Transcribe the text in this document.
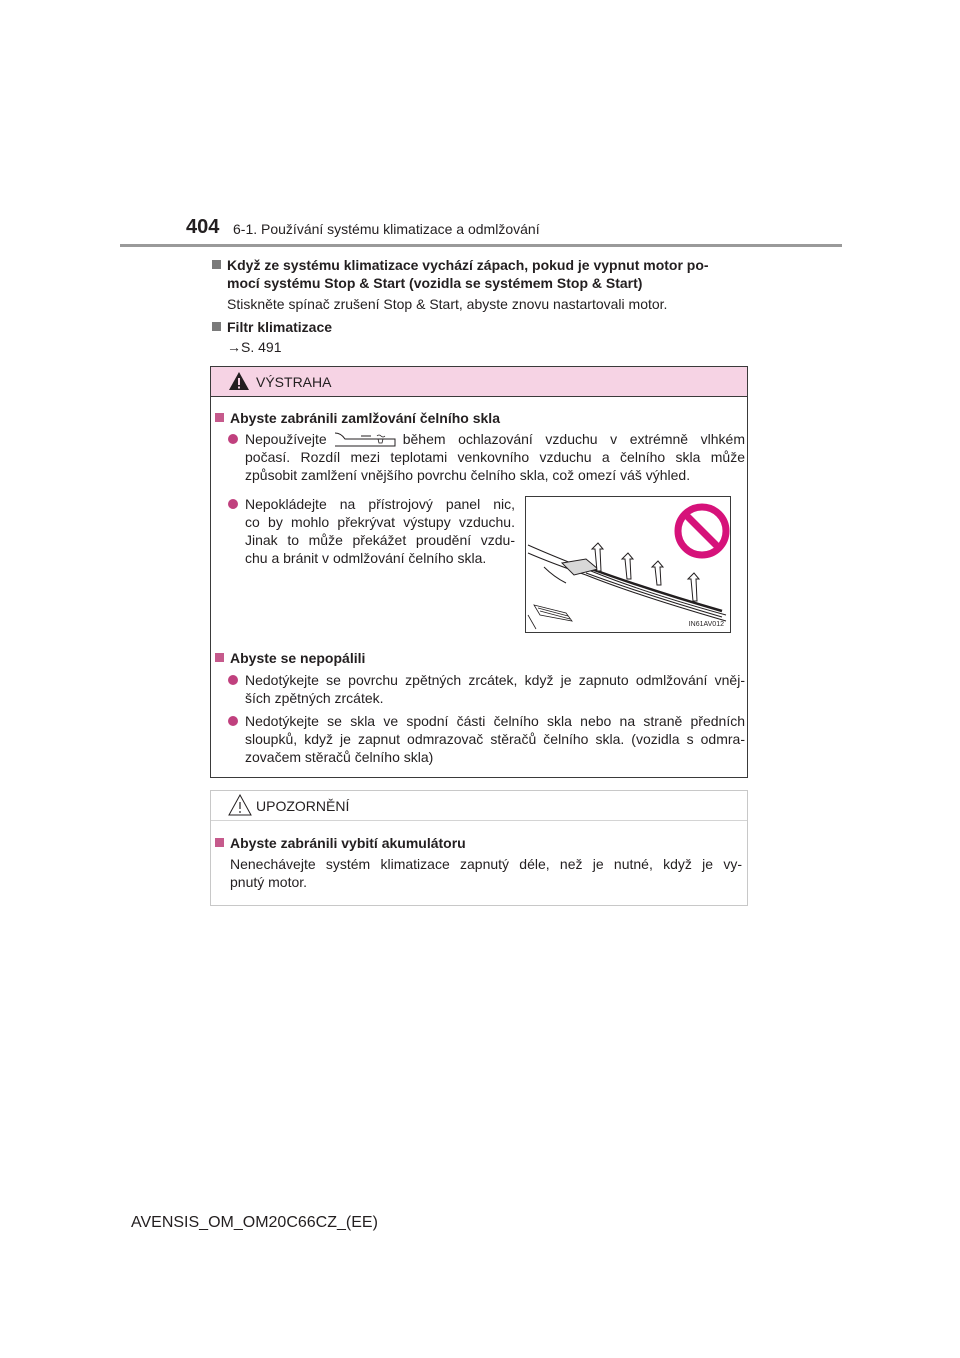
404 6-1. Používání systému klimatizace a odmlžování
Když ze systému klimatizace vychází zápach, pokud je vypnut motor po-
mocí systému Stop & Start (vozidla se systémem Stop & Start)
Stiskněte spínač zrušení Stop & Start, abyste znovu nastartovali motor.
Filtr klimatizace
→S. 491
VÝSTRAHA
Abyste zabránili zamlžování čelního skla
Nepoužívejte	během ochlazování vzduchu v extrémně vlhkém
počasí. Rozdíl mezi teplotami venkovního vzduchu a čelního skla může
způsobit zamlžení vnějšího povrchu čelního skla, což omezí váš výhled.
Nepokládejte na přístrojový panel nic,
co by mohlo překrývat výstupy vzduchu.
Jinak to může překážet proudění vzdu-
chu a bránit v odmlžování čelního skla.
Abyste se nepopálili
Nedotýkejte se povrchu zpětných zrcátek, když je zapnuto odmlžování vněj-
ších zpětných zrcátek.
Nedotýkejte se skla ve spodní části čelního skla nebo na straně předních
sloupků, když je zapnut odmrazovač stěračů čelního skla. (vozidla s odmra-
zovačem stěračů čelního skla)
IN61AV012
UPOZORNĚNÍ
Abyste zabránili vybití akumulátoru
Nenechávejte systém klimatizace zapnutý déle, než je nutné, když je vy-
pnutý motor.
AVENSIS_OM_OM20C66CZ_(EE)
